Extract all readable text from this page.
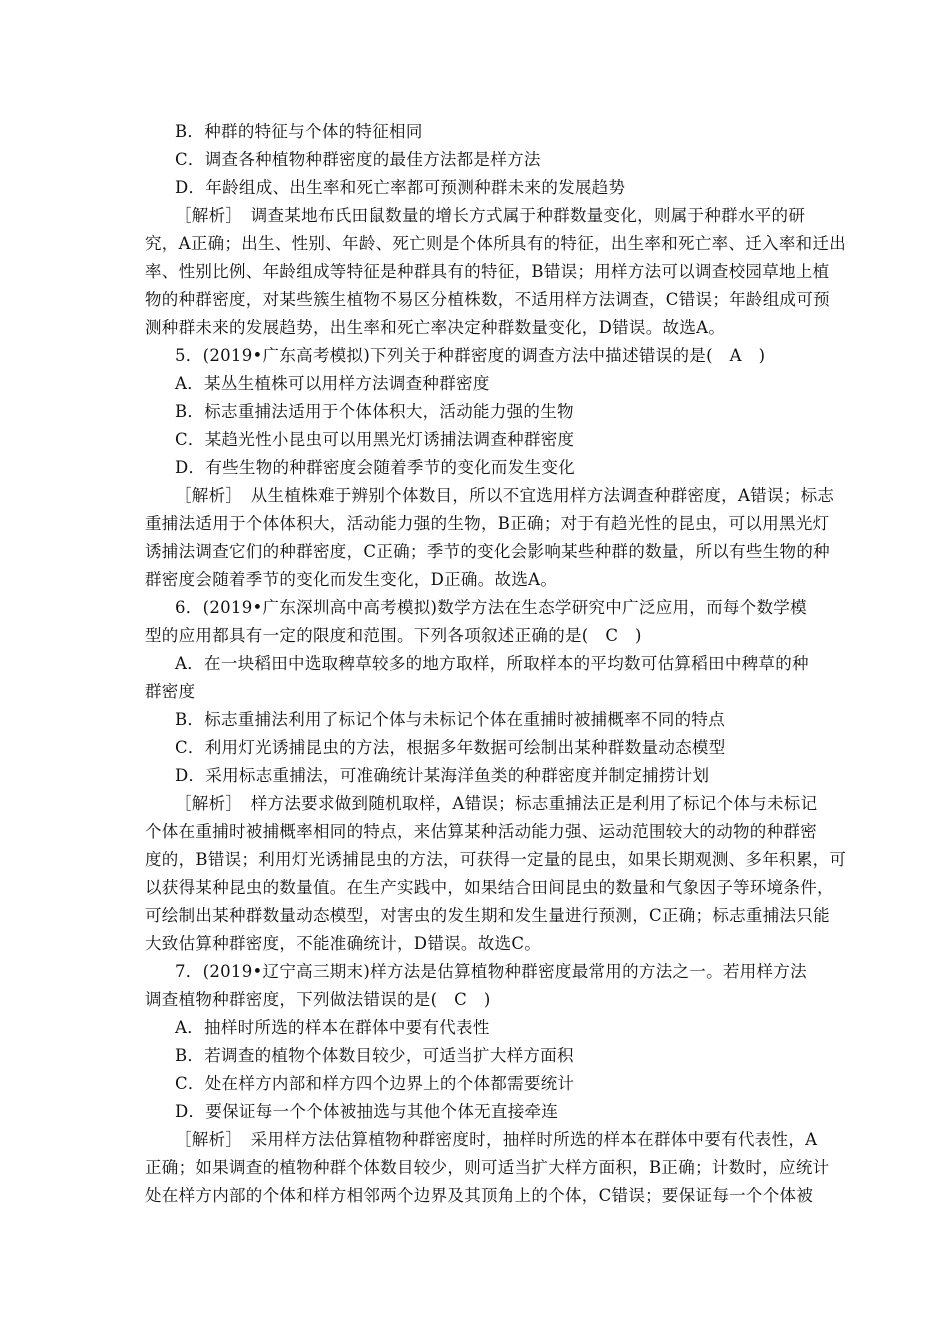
B．种群的特征与个体的特征相同
C．调查各种植物种群密度的最佳方法都是样方法
D．年龄组成、出生率和死亡率都可预测种群未来的发展趋势
［解析］　调查某地布氏田鼠数量的增长方式属于种群数量变化，则属于种群水平的研
究，A正确；出生、性别、年龄、死亡则是个体所具有的特征，出生率和死亡率、迁入率和迁出
率、性别比例、年龄组成等特征是种群具有的特征，B错误；用样方法可以调查校园草地上植
物的种群密度，对某些簇生植物不易区分植株数，不适用样方法调查，C错误；年龄组成可预
测种群未来的发展趋势，出生率和死亡率决定种群数量变化，D错误。故选A。
5．(2019•广东高考模拟)下列关于种群密度的调查方法中描述错误的是(　A　)
A．某丛生植株可以用样方法调查种群密度
B．标志重捕法适用于个体体积大，活动能力强的生物
C．某趋光性小昆虫可以用黑光灯诱捕法调查种群密度
D．有些生物的种群密度会随着季节的变化而发生变化
［解析］　从生植株难于辨别个体数目，所以不宜选用样方法调查种群密度，A错误；标志
重捕法适用于个体体积大，活动能力强的生物，B正确；对于有趋光性的昆虫，可以用黑光灯
诱捕法调查它们的种群密度，C正确；季节的变化会影响某些种群的数量，所以有些生物的种
群密度会随着季节的变化而发生变化，D正确。故选A。
6．(2019•广东深圳高中高考模拟)数学方法在生态学研究中广泛应用，而每个数学模
型的应用都具有一定的限度和范围。下列各项叙述正确的是(　C　)
A．在一块稻田中选取稗草较多的地方取样，所取样本的平均数可估算稻田中稗草的种
群密度
B．标志重捕法利用了标记个体与未标记个体在重捕时被捕概率不同的特点
C．利用灯光诱捕昆虫的方法，根据多年数据可绘制出某种群数量动态模型
D．采用标志重捕法，可准确统计某海洋鱼类的种群密度并制定捕捞计划
［解析］　样方法要求做到随机取样，A错误；标志重捕法正是利用了标记个体与未标记
个体在重捕时被捕概率相同的特点，来估算某种活动能力强、运动范围较大的动物的种群密
度的，B错误；利用灯光诱捕昆虫的方法，可获得一定量的昆虫，如果长期观测、多年积累，可
以获得某种昆虫的数量值。在生产实践中，如果结合田间昆虫的数量和气象因子等环境条件，
可绘制出某种群数量动态模型，对害虫的发生期和发生量进行预测，C正确；标志重捕法只能
大致估算种群密度，不能准确统计，D错误。故选C。
7．(2019•辽宁高三期末)样方法是估算植物种群密度最常用的方法之一。若用样方法
调查植物种群密度，下列做法错误的是(　C　)
A．抽样时所选的样本在群体中要有代表性
B．若调查的植物个体数目较少，可适当扩大样方面积
C．处在样方内部和样方四个边界上的个体都需要统计
D．要保证每一个个体被抽选与其他个体无直接牵连
［解析］　采用样方法估算植物种群密度时，抽样时所选的样本在群体中要有代表性，A
正确；如果调查的植物种群个体数目较少，则可适当扩大样方面积，B正确；计数时，应统计
处在样方内部的个体和样方相邻两个边界及其顶角上的个体，C错误；要保证每一个个体被
